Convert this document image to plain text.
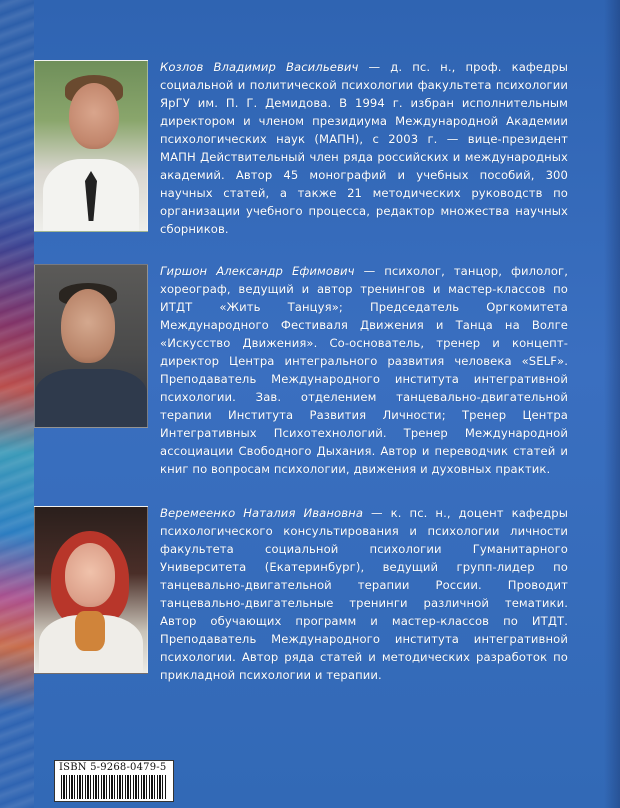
Козлов Владимир Васильевич — д. пс. н., проф. кафедры социальной и политической психологии факультета психологии ЯрГУ им. П. Г. Демидова. В 1994 г. избран исполнительным директором и членом президиума Международной Академии психологических наук (МАПН), с 2003 г. — вице-президент МАПН Действительный член ряда российских и международных академий. Автор 45 монографий и учебных пособий, 300 научных статей, а также 21 методических руководств по организации учебного процесса, редактор множества научных сборников.
Гиршон Александр Ефимович — психолог, танцор, филолог, хореограф, ведущий и автор тренингов и мастер-классов по ИТДТ «Жить Танцуя»; Председатель Оргкомитета Международного Фестиваля Движения и Танца на Волге «Искусство Движения». Со-основатель, тренер и концепт-директор Центра интегрального развития человека «SELF». Преподаватель Международного института интегративной психологии. Зав. отделением танцевально-двигательной терапии Института Развития Личности; Тренер Центра Интегративных Психотехнологий. Тренер Международной ассоциации Свободного Дыхания. Автор и переводчик статей и книг по вопросам психологии, движения и духовных практик.
Веремеенко Наталия Ивановна — к. пс. н., доцент кафедры психологического консультирования и психологии личности факультета социальной психологии Гуманитарного Университета (Екатеринбург), ведущий групп-лидер по танцевально-двигательной терапии России. Проводит танцевально-двигательные тренинги различной тематики. Автор обучающих программ и мастер-классов по ИТДТ. Преподаватель Международного института интегративной психологии. Автор ряда статей и методических разработок по прикладной психологии и терапии.
ISBN 5-9268-0479-5
